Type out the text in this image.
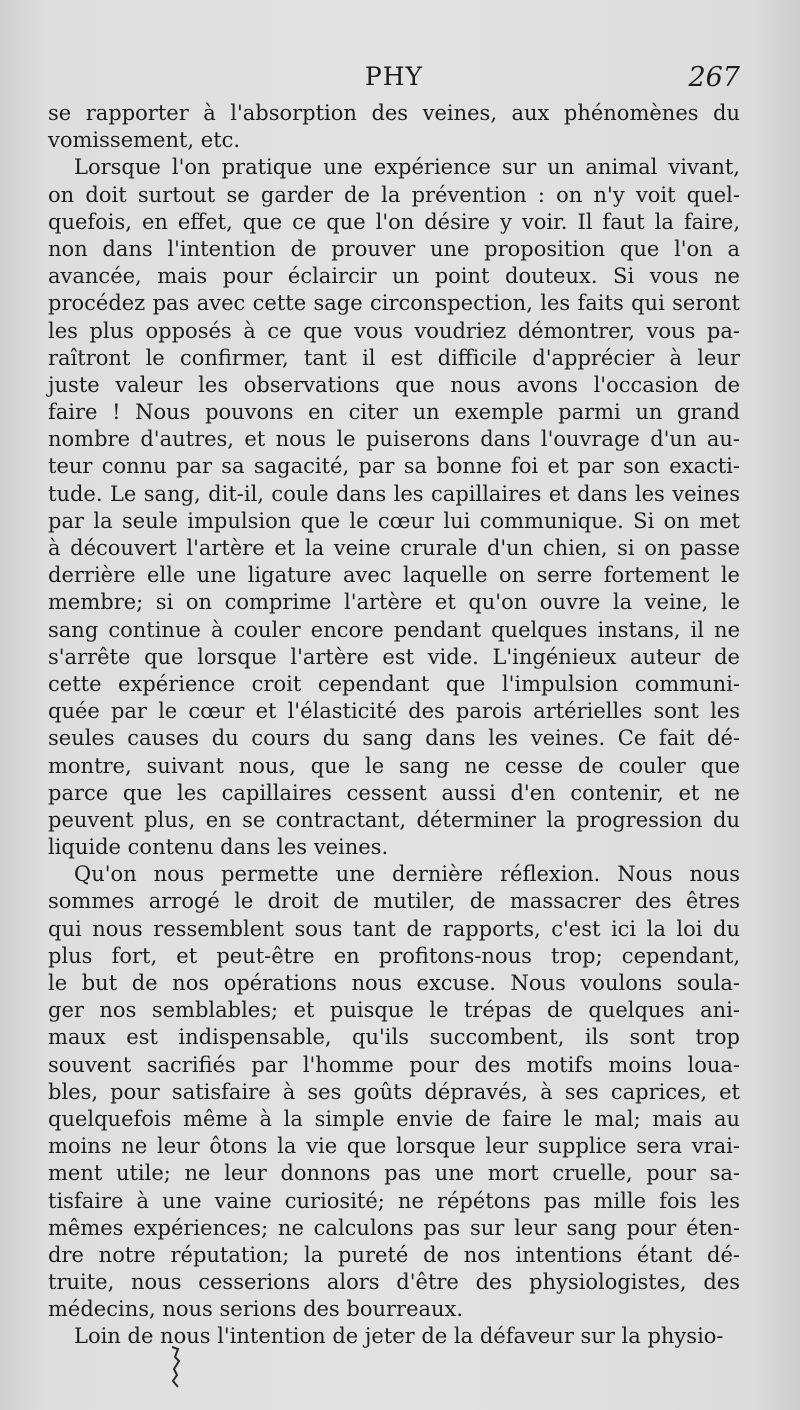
PHY	267
se rapporter à l'absorption des veines, aux phénomènes du
vomissement, etc.
Lorsque l'on pratique une expérience sur un animal vivant,
on doit surtout se garder de la prévention : on n'y voit quel-
quefois, en effet, que ce que l'on désire y voir. Il faut la faire,
non dans l'intention de prouver une proposition que l'on a
avancée, mais pour éclaircir un point douteux. Si vous ne
procédez pas avec cette sage circonspection, les faits qui seront
les plus opposés à ce que vous voudriez démontrer, vous pa-
raîtront le confirmer, tant il est difficile d'apprécier à leur
juste valeur les observations que nous avons l'occasion de
faire ! Nous pouvons en citer un exemple parmi un grand
nombre d'autres, et nous le puiserons dans l'ouvrage d'un au-
teur connu par sa sagacité, par sa bonne foi et par son exacti-
tude. Le sang, dit-il, coule dans les capillaires et dans les veines
par la seule impulsion que le cœur lui communique. Si on met
à découvert l'artère et la veine crurale d'un chien, si on passe
derrière elle une ligature avec laquelle on serre fortement le
membre; si on comprime l'artère et qu'on ouvre la veine, le
sang continue à couler encore pendant quelques instans, il ne
s'arrête que lorsque l'artère est vide. L'ingénieux auteur de
cette expérience croit cependant que l'impulsion communi-
quée par le cœur et l'élasticité des parois artérielles sont les
seules causes du cours du sang dans les veines. Ce fait dé-
montre, suivant nous, que le sang ne cesse de couler que
parce que les capillaires cessent aussi d'en contenir, et ne
peuvent plus, en se contractant, déterminer la progression du
liquide contenu dans les veines.
Qu'on nous permette une dernière réflexion. Nous nous
sommes arrogé le droit de mutiler, de massacrer des êtres
qui nous ressemblent sous tant de rapports, c'est ici la loi du
plus fort, et peut-être en profitons-nous trop; cependant,
le but de nos opérations nous excuse. Nous voulons soula-
ger nos semblables; et puisque le trépas de quelques ani-
maux est indispensable, qu'ils succombent, ils sont trop
souvent sacrifiés par l'homme pour des motifs moins loua-
bles, pour satisfaire à ses goûts dépravés, à ses caprices, et
quelquefois même à la simple envie de faire le mal; mais au
moins ne leur ôtons la vie que lorsque leur supplice sera vrai-
ment utile; ne leur donnons pas une mort cruelle, pour sa-
tisfaire à une vaine curiosité; ne répétons pas mille fois les
mêmes expériences; ne calculons pas sur leur sang pour éten-
dre notre réputation; la pureté de nos intentions étant dé-
truite, nous cesserions alors d'être des physiologistes, des
médecins, nous serions des bourreaux.
Loin de nous l'intention de jeter de la défaveur sur la physio-
